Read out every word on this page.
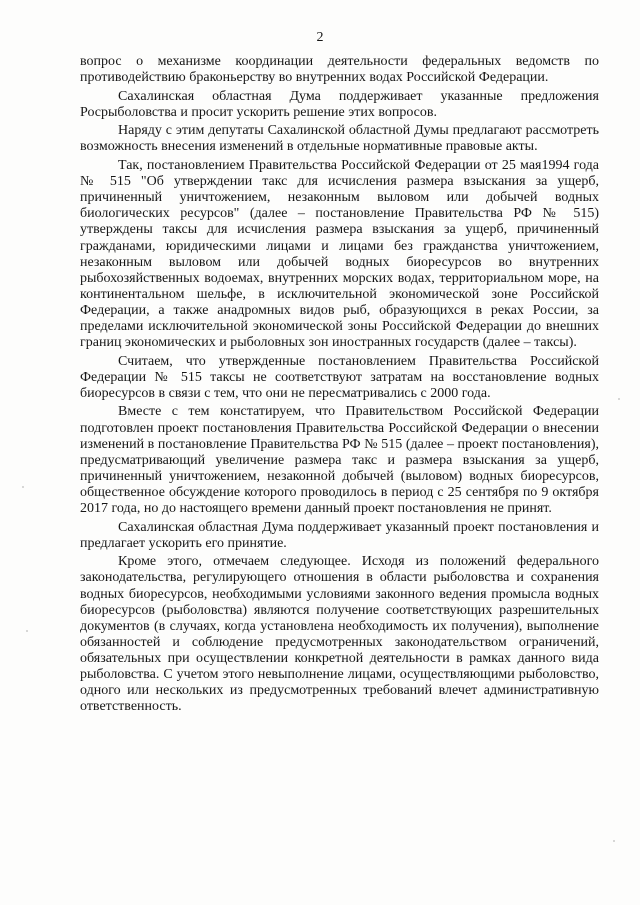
2

вопрос о механизме координации деятельности федеральных ведомств по противодействию браконьерству во внутренних водах Российской Федерации.

Сахалинская областная Дума поддерживает указанные предложения Росрыболовства и просит ускорить решение этих вопросов.

Наряду с этим депутаты Сахалинской областной Думы предлагают рассмотреть возможность внесения изменений в отдельные нормативные правовые акты.

Так, постановлением Правительства Российской Федерации от 25 мая1994 года № 515 "Об утверждении такс для исчисления размера взыскания за ущерб, причиненный уничтожением, незаконным выловом или добычей водных биологических ресурсов" (далее – постановление Правительства РФ № 515) утверждены таксы для исчисления размера взыскания за ущерб, причиненный гражданами, юридическими лицами и лицами без гражданства уничтожением, незаконным выловом или добычей водных биоресурсов во внутренних рыбохозяйственных водоемах, внутренних морских водах, территориальном море, на континентальном шельфе, в исключительной экономической зоне Российской Федерации, а также анадромных видов рыб, образующихся в реках России, за пределами исключительной экономической зоны Российской Федерации до внешних границ экономических и рыболовных зон иностранных государств (далее – таксы).

Считаем, что утвержденные постановлением Правительства Российской Федерации № 515 таксы не соответствуют затратам на восстановление водных биоресурсов в связи с тем, что они не пересматривались с 2000 года.

Вместе с тем констатируем, что Правительством Российской Федерации подготовлен проект постановления Правительства Российской Федерации о внесении изменений в постановление Правительства РФ № 515 (далее – проект постановления), предусматривающий увеличение размера такс и размера взыскания за ущерб, причиненный уничтожением, незаконной добычей (выловом) водных биоресурсов, общественное обсуждение которого проводилось в период с 25 сентября по 9 октября 2017 года, но до настоящего времени данный проект постановления не принят.

Сахалинская областная Дума поддерживает указанный проект постановления и предлагает ускорить его принятие.

Кроме этого, отмечаем следующее. Исходя из положений федерального законодательства, регулирующего отношения в области рыболовства и сохранения водных биоресурсов, необходимыми условиями законного ведения промысла водных биоресурсов (рыболовства) являются получение соответствующих разрешительных документов (в случаях, когда установлена необходимость их получения), выполнение обязанностей и соблюдение предусмотренных законодательством ограничений, обязательных при осуществлении конкретной деятельности в рамках данного вида рыболовства. С учетом этого невыполнение лицами, осуществляющими рыболовство, одного или нескольких из предусмотренных требований влечет административную ответственность.
